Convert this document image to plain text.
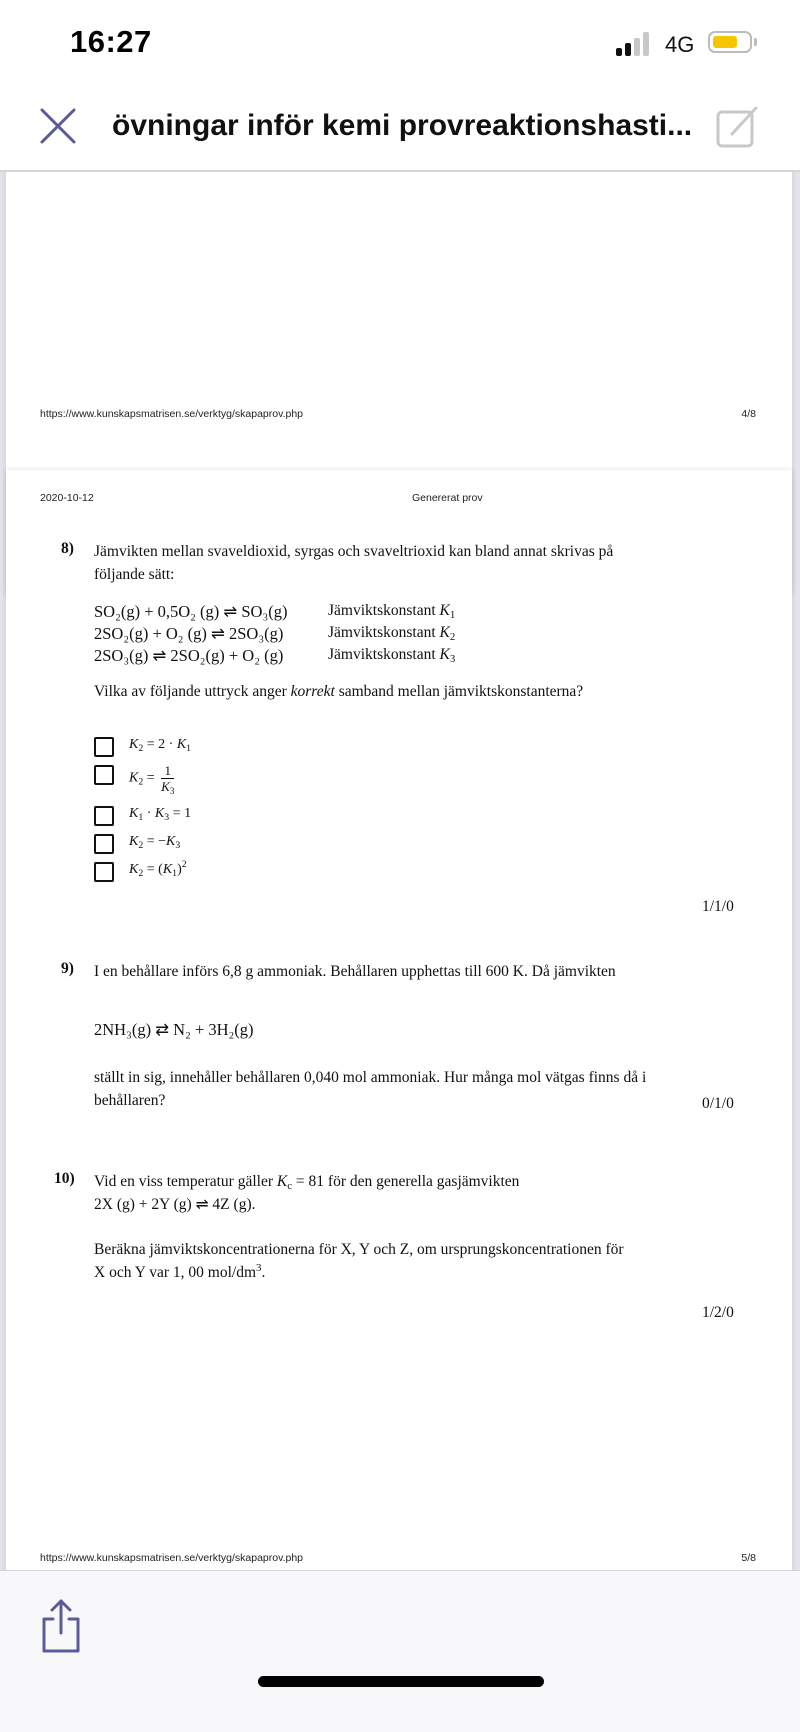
16:27	4G
övningar inför kemi provreaktionshasti...
https://www.kunskapsmatrisen.se/verktyg/skapaprov.php	4/8
2020-10-12	Genererat prov
8) Jämvikten mellan svaveldioxid, syrgas och svaveltrioxid kan bland annat skrivas på följande sätt:
SO₂(g) + 0,5O₂ (g) ⇌ SO₃(g)	Jämviktskonstant $K_1$
2SO₂(g) + O₂ (g) ⇌ 2SO₃(g)	Jämviktskonstant $K_2$
2SO₃(g) ⇌ 2SO₂(g) + O₂ (g)	Jämviktskonstant $K_3$
Vilka av följande uttryck anger korrekt samband mellan jämviktskonstanterna?
$K_2 = 2 \cdot K_1$
$K_2 = \frac{1}{K_3}$
$K_1 \cdot K_3 = 1$
$K_2 = -K_3$
$K_2 = (K_1)^2$
1/1/0
9) I en behållare införs 6,8 g ammoniak. Behållaren upphettas till 600 K. Då jämvikten
2NH₃(g) ⇄ N₂ + 3H₂(g)
ställt in sig, innehåller behållaren 0,040 mol ammoniak. Hur många mol vätgas finns då i behållaren?	0/1/0
10) Vid en viss temperatur gäller $K_c = 81$ för den generella gasjämvikten
2X (g) + 2Y (g) ⇌ 4Z (g).
Beräkna jämviktskoncentrationerna för X, Y och Z, om ursprungskoncentrationen för
X och Y var 1, 00 mol/$dm^3$.
1/2/0
https://www.kunskapsmatrisen.se/verktyg/skapaprov.php	5/8
